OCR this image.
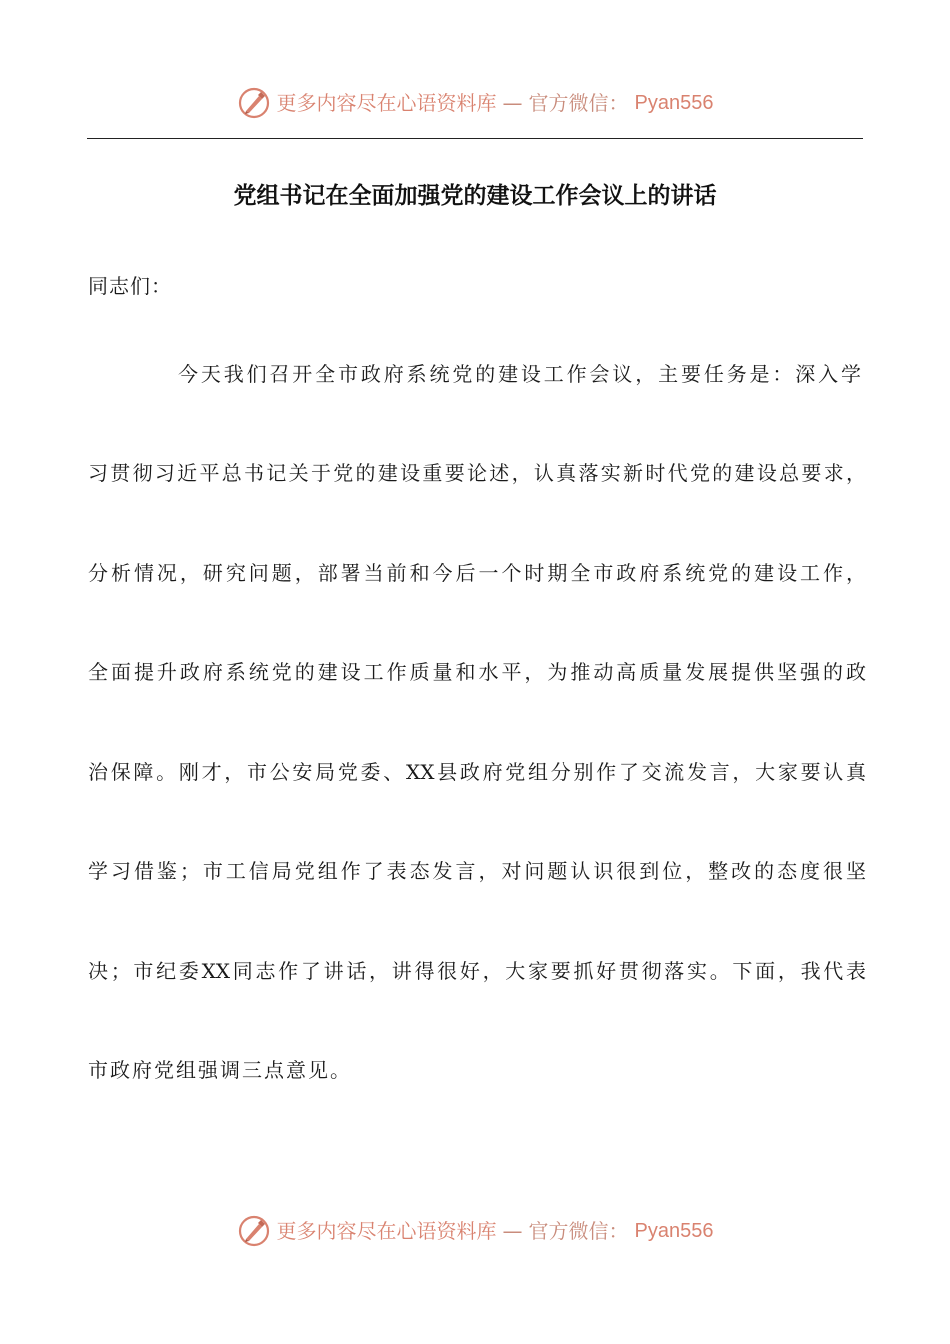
更多内容尽在心语资料库 — 官方微信： Pyan556
党组书记在全面加强党的建设工作会议上的讲话
同志们：
今天我们召开全市政府系统党的建设工作会议，主要任务是：深入学
习贯彻习近平总书记关于党的建设重要论述，认真落实新时代党的建设总要求，
分析情况，研究问题，部署当前和今后一个时期全市政府系统党的建设工作，
全面提升政府系统党的建设工作质量和水平，为推动高质量发展提供坚强的政
治保障。刚才，市公安局党委、XX县政府党组分别作了交流发言，大家要认真
学习借鉴；市工信局党组作了表态发言，对问题认识很到位，整改的态度很坚
决；市纪委XX同志作了讲话，讲得很好，大家要抓好贯彻落实。下面，我代表
市政府党组强调三点意见。
更多内容尽在心语资料库 — 官方微信： Pyan556
